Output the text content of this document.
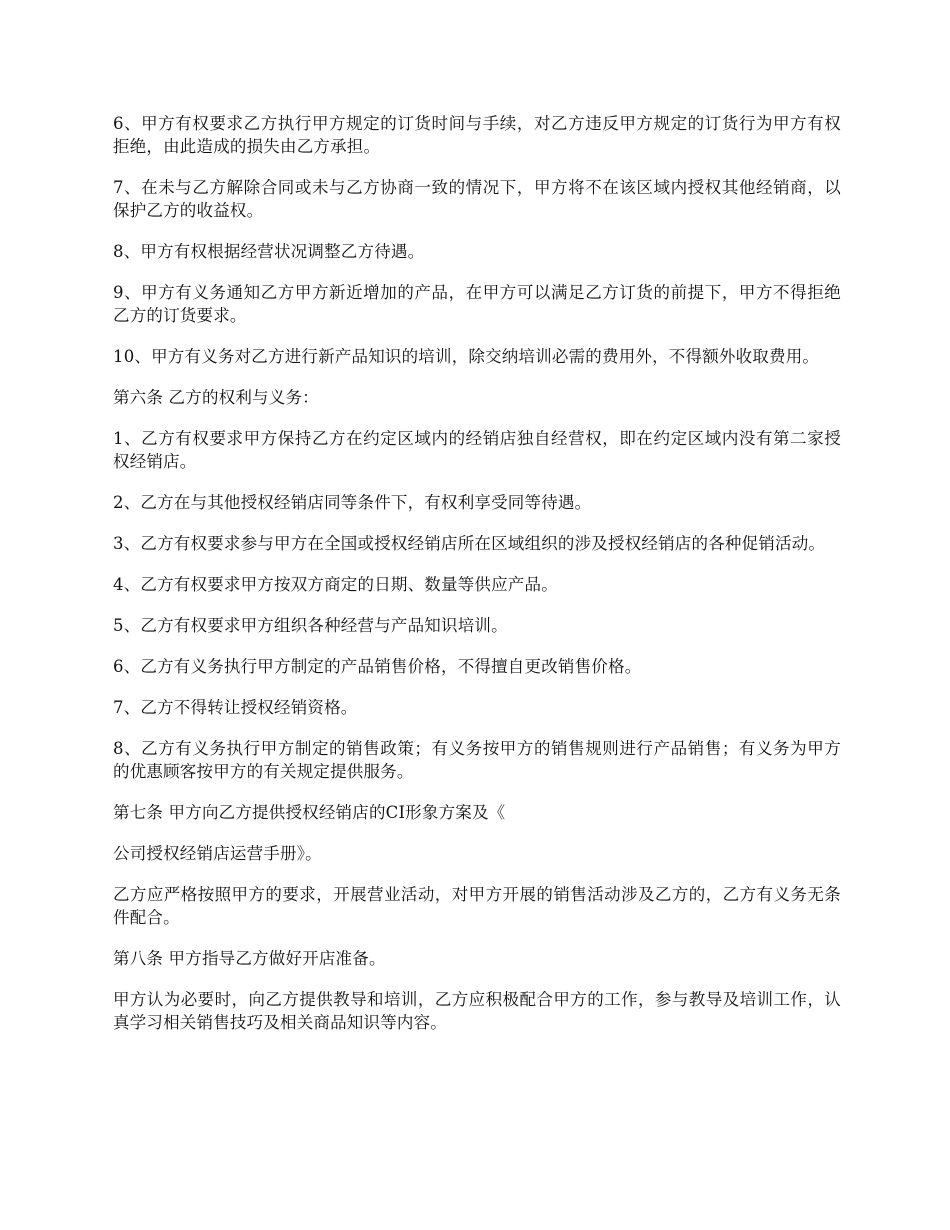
6、甲方有权要求乙方执行甲方规定的订货时间与手续，对乙方违反甲方规定的订货行为甲方有权拒绝，由此造成的损失由乙方承担。

7、在未与乙方解除合同或未与乙方协商一致的情况下，甲方将不在该区域内授权其他经销商，以保护乙方的收益权。

8、甲方有权根据经营状况调整乙方待遇。

9、甲方有义务通知乙方甲方新近增加的产品，在甲方可以满足乙方订货的前提下，甲方不得拒绝乙方的订货要求。

10、甲方有义务对乙方进行新产品知识的培训，除交纳培训必需的费用外，不得额外收取费用。

第六条 乙方的权利与义务：

1、乙方有权要求甲方保持乙方在约定区域内的经销店独自经营权，即在约定区域内没有第二家授权经销店。

2、乙方在与其他授权经销店同等条件下，有权利享受同等待遇。

3、乙方有权要求参与甲方在全国或授权经销店所在区域组织的涉及授权经销店的各种促销活动。

4、乙方有权要求甲方按双方商定的日期、数量等供应产品。

5、乙方有权要求甲方组织各种经营与产品知识培训。

6、乙方有义务执行甲方制定的产品销售价格，不得擅自更改销售价格。

7、乙方不得转让授权经销资格。

8、乙方有义务执行甲方制定的销售政策；有义务按甲方的销售规则进行产品销售；有义务为甲方的优惠顾客按甲方的有关规定提供服务。

第七条 甲方向乙方提供授权经销店的CI形象方案及《

公司授权经销店运营手册》。

乙方应严格按照甲方的要求，开展营业活动，对甲方开展的销售活动涉及乙方的，乙方有义务无条件配合。

第八条 甲方指导乙方做好开店准备。

甲方认为必要时，向乙方提供教导和培训，乙方应积极配合甲方的工作，参与教导及培训工作，认真学习相关销售技巧及相关商品知识等内容。
